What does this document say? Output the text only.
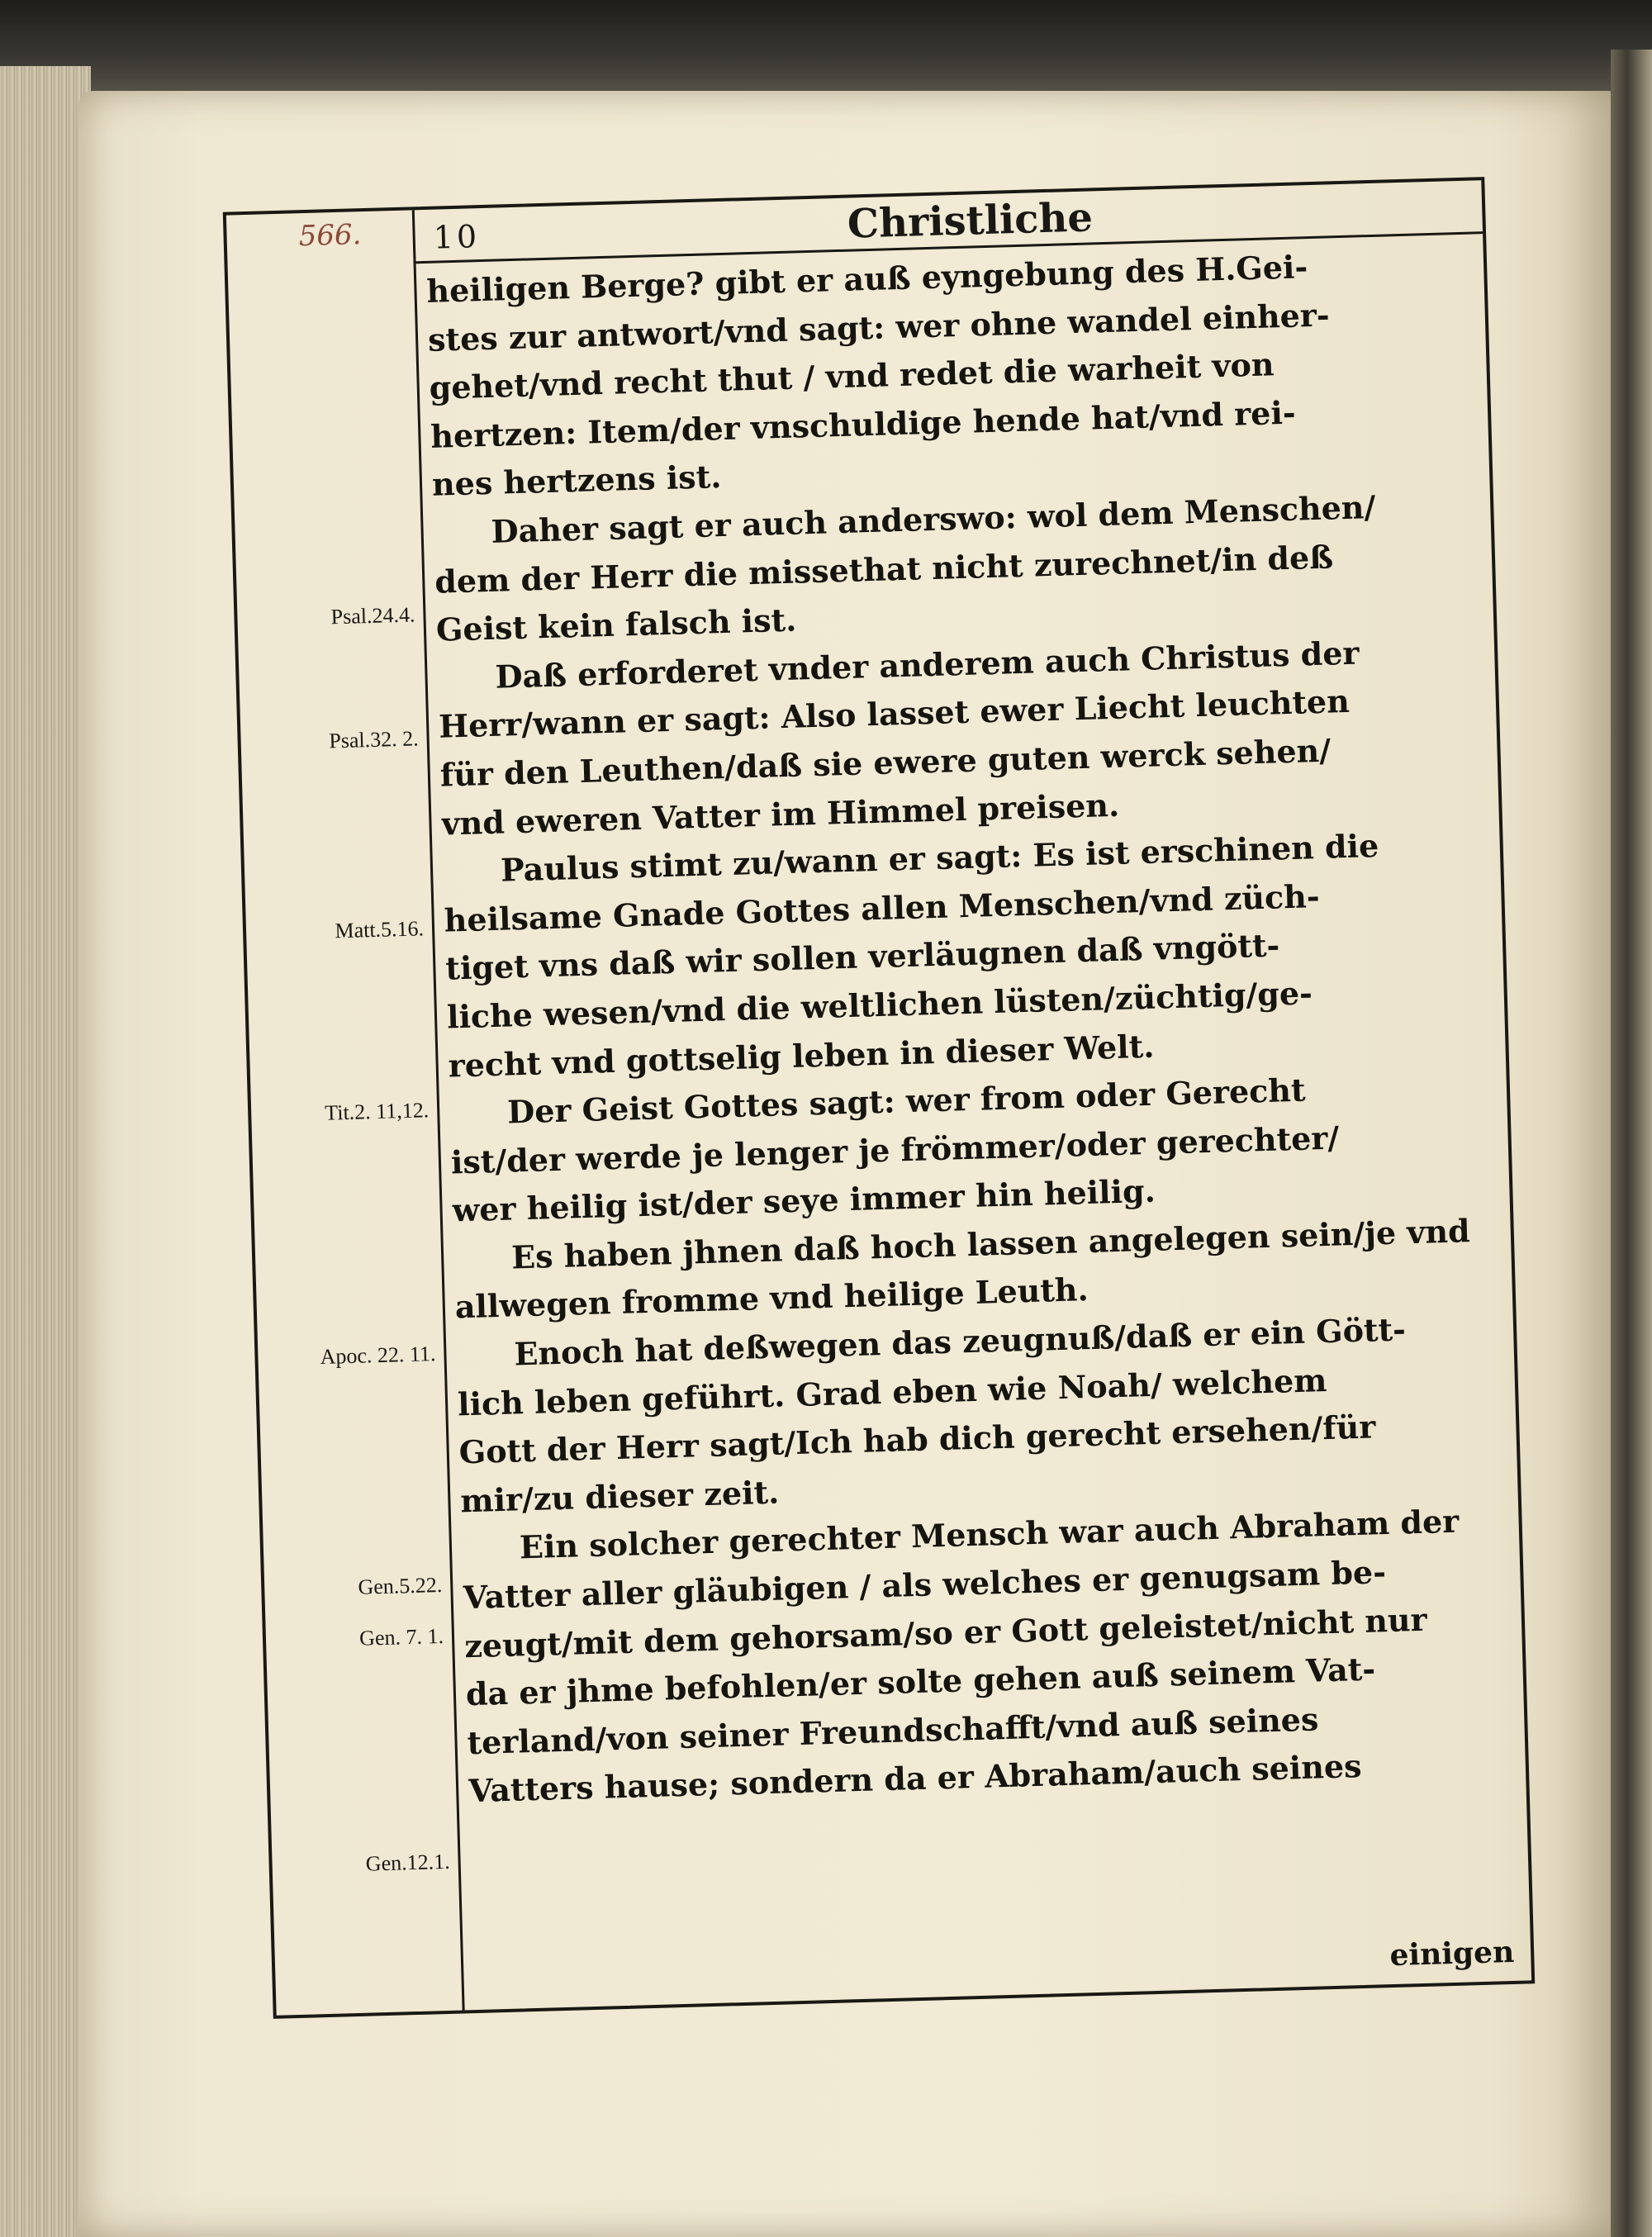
566.	10	Christliche
Psal.24.4.
Psal.32. 2.
Matt.5.16.
Tit.2. 11,12.
Apoc. 22. 11.
Gen.5.22.
Gen. 7. 1.
Gen.12.1.
heiligen Berge? gibt er auß eyngebung des H.Gei-
stes zur antwort/vnd sagt: wer ohne wandel einher-
gehet/vnd recht thut / vnd redet die warheit von
hertzen: Item/der vnschuldige hende hat/vnd rei-
nes hertzens ist.
Daher sagt er auch anderswo: wol dem Menschen/
dem der Herr die missethat nicht zurechnet/in deß
Geist kein falsch ist.
Daß erforderet vnder anderem auch Christus der
Herr/wann er sagt: Also lasset ewer Liecht leuchten
für den Leuthen/daß sie ewere guten werck sehen/
vnd eweren Vatter im Himmel preisen.
Paulus stimt zu/wann er sagt: Es ist erschinen die
heilsame Gnade Gottes allen Menschen/vnd züch-
tiget vns daß wir sollen verläugnen daß vngött-
liche wesen/vnd die weltlichen lüsten/züchtig/ge-
recht vnd gottselig leben in dieser Welt.
Der Geist Gottes sagt: wer from oder Gerecht
ist/der werde je lenger je frömmer/oder gerechter/
wer heilig ist/der seye immer hin heilig.
Es haben jhnen daß hoch lassen angelegen sein/je vnd
allwegen fromme vnd heilige Leuth.
Enoch hat deßwegen das zeugnuß/daß er ein Gött-
lich leben geführt. Grad eben wie Noah/ welchem
Gott der Herr sagt/Ich hab dich gerecht ersehen/für
mir/zu dieser zeit.
Ein solcher gerechter Mensch war auch Abraham der
Vatter aller gläubigen / als welches er genugsam be-
zeugt/mit dem gehorsam/so er Gott geleistet/nicht nur
da er jhme befohlen/er solte gehen auß seinem Vat-
terland/von seiner Freundschafft/vnd auß seines
Vatters hause; sondern da er Abraham/auch seines
einigen
